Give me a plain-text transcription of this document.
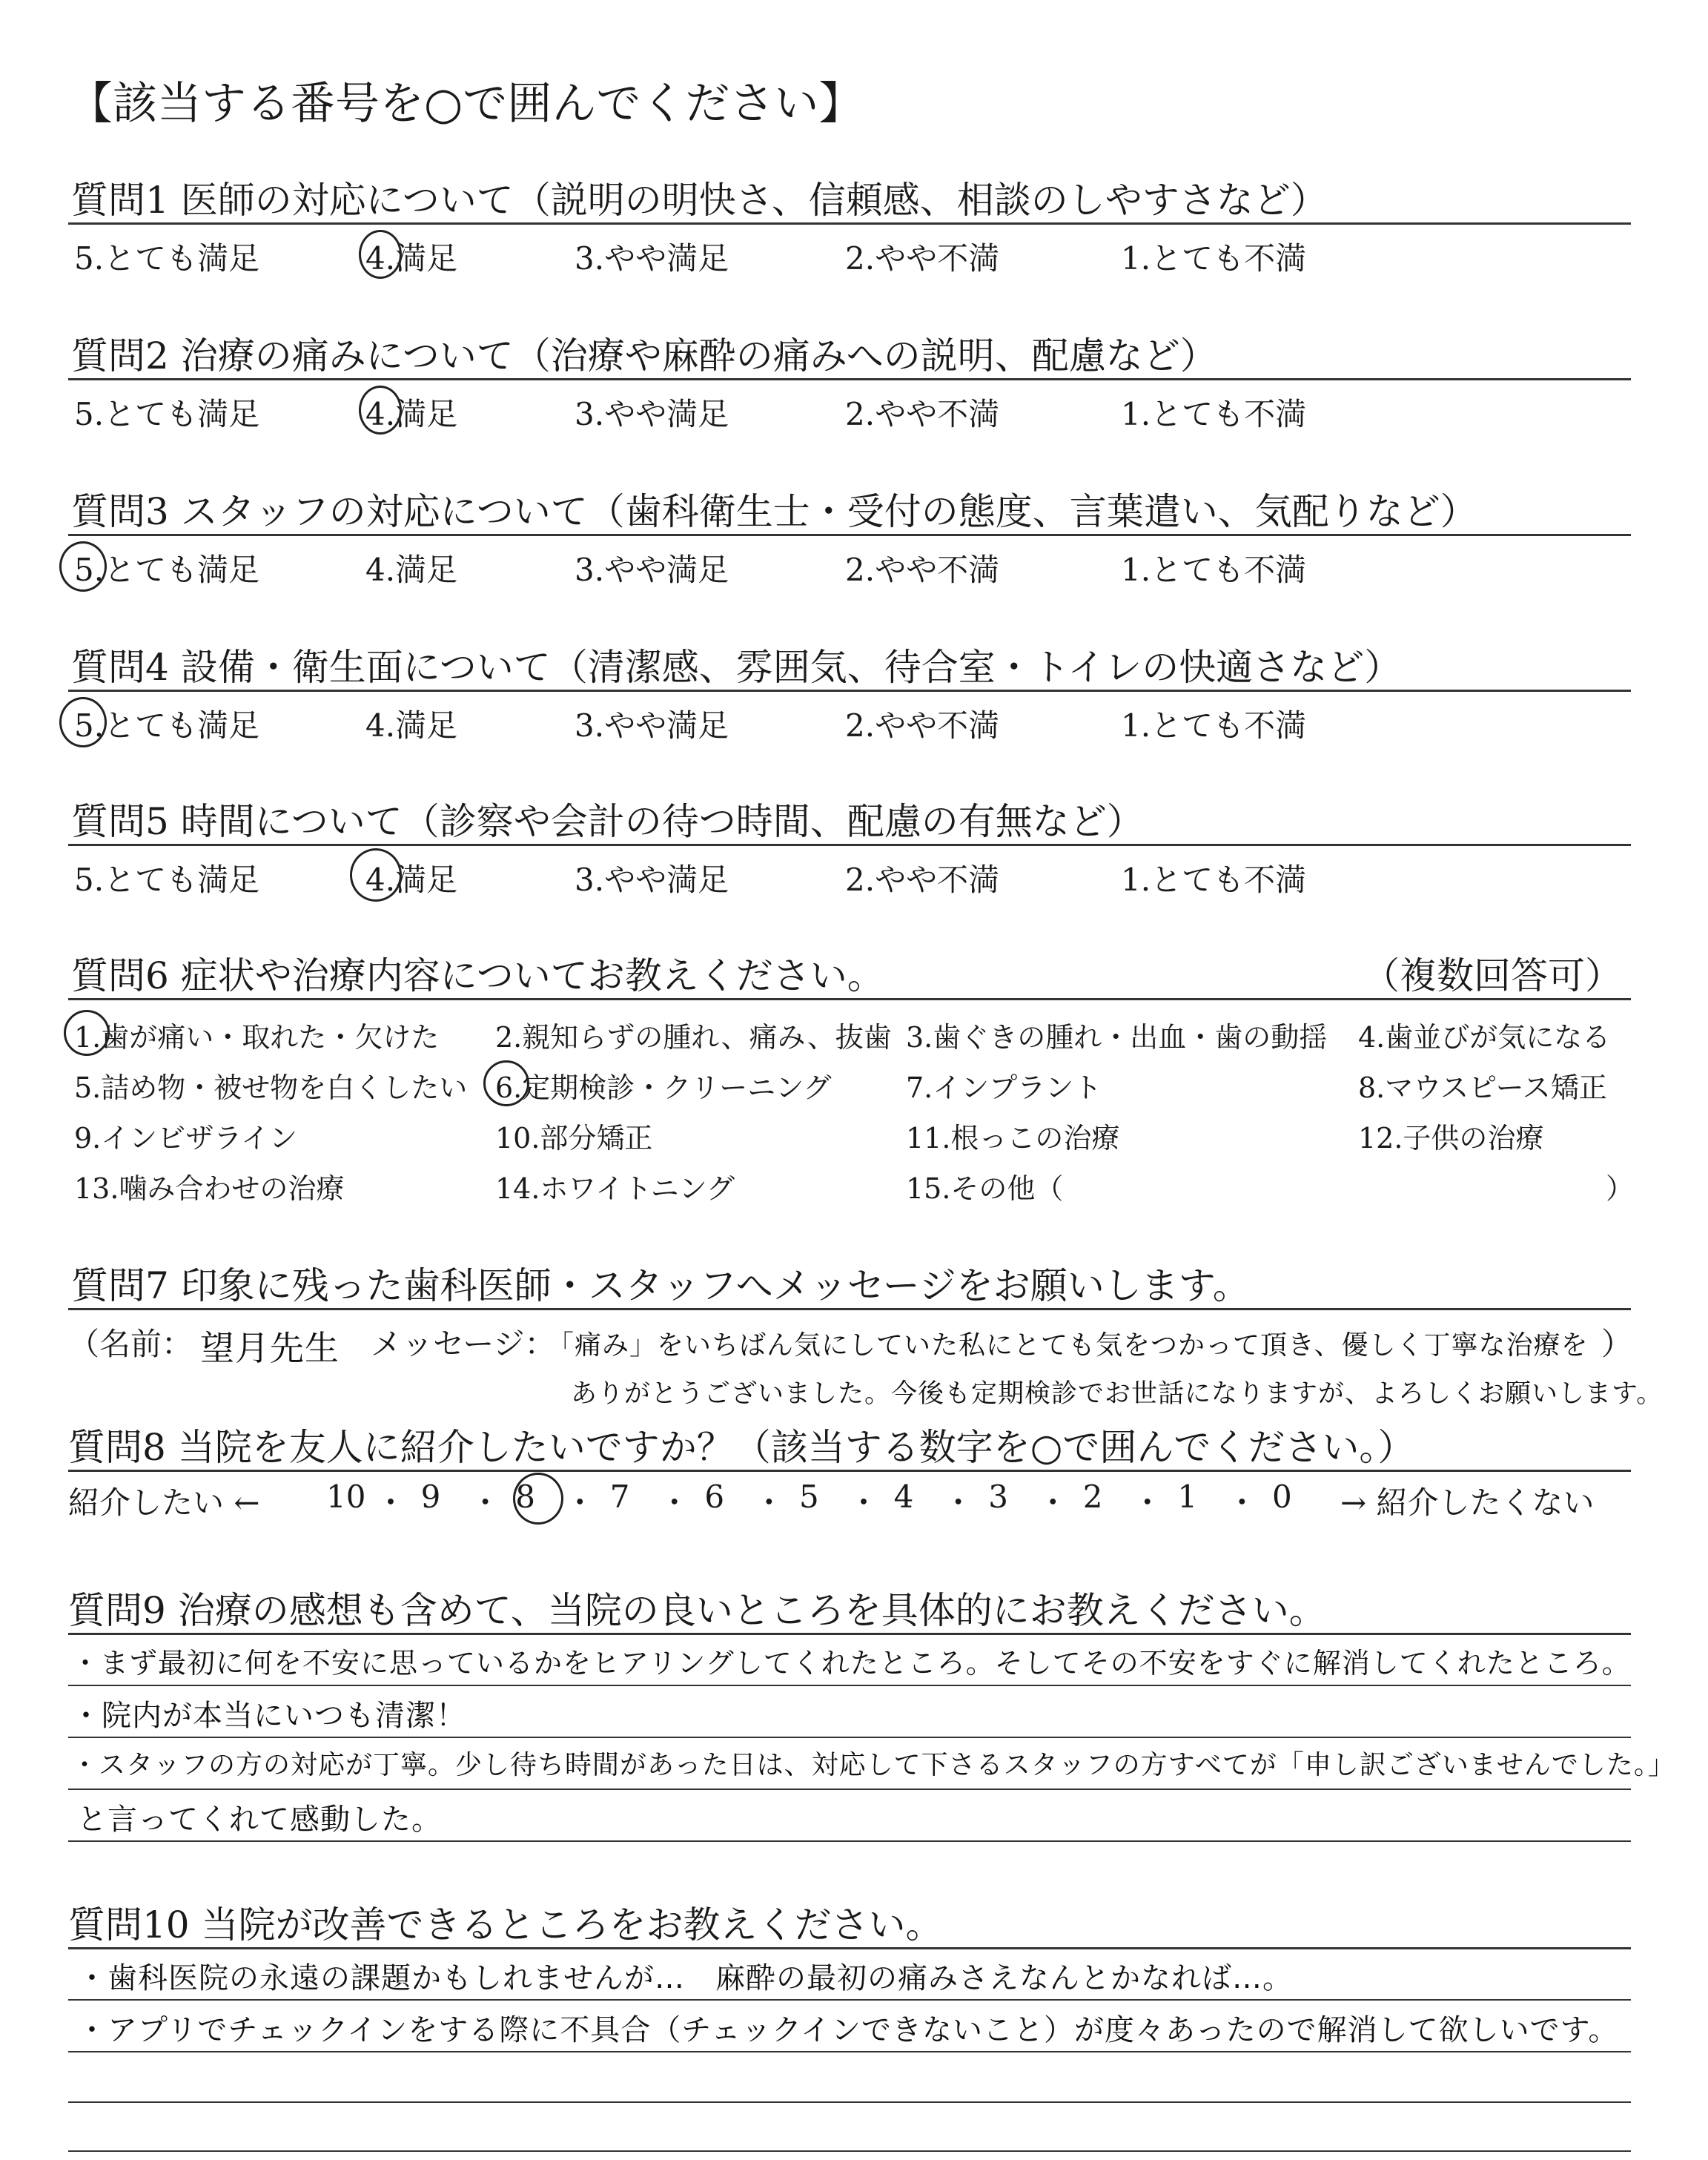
【該当する番号を○で囲んでください】
質問1 医師の対応について（説明の明快さ、信頼感、相談のしやすさなど）
5.とても満足	4.満足	3.やや満足	2.やや不満	1.とても不満
質問2 治療の痛みについて（治療や麻酔の痛みへの説明、配慮など）
5.とても満足	4.満足	3.やや満足	2.やや不満	1.とても不満
質問3 スタッフの対応について（歯科衛生士・受付の態度、言葉遣い、気配りなど）
5.とても満足	4.満足	3.やや満足	2.やや不満	1.とても不満
質問4 設備・衛生面について（清潔感、雰囲気、待合室・トイレの快適さなど）
5.とても満足	4.満足	3.やや満足	2.やや不満	1.とても不満
質問5 時間について（診察や会計の待つ時間、配慮の有無など）
5.とても満足	4.満足	3.やや満足	2.やや不満	1.とても不満
質問6 症状や治療内容についてお教えください。	（複数回答可）
1.歯が痛い・取れた・欠けた 2.親知らずの腫れ、痛み、抜歯 3.歯ぐきの腫れ・出血・歯の動揺 4.歯並びが気になる
5.詰め物・被せ物を白くしたい 6.定期検診・クリーニング	7.インプラント	8.マウスピース矯正
9.インビザライン	10.部分矯正	11.根っこの治療	12.子供の治療
13.噛み合わせの治療	14.ホワイトニング	15.その他（	）
質問7 印象に残った歯科医師・スタッフへメッセージをお願いします。
（名前： 望月先生 メッセージ：
「痛み」をいちばん気にしていた私にとても気をつかって頂き、優しく丁寧な治療を ）
ありがとうございました。今後も定期検診でお世話になりますが、よろしくお願いします。
質問8 当院を友人に紹介したいですか？（該当する数字を○で囲んでください。）
紹介したい ← 10 ・ 9 ・ 8 ・ 7 ・ 6 ・ 5 ・ 4 ・ 3 ・ 2 ・ 1 ・ 0 → 紹介したくない
質問9 治療の感想も含めて、当院の良いところを具体的にお教えください。
・まず最初に何を不安に思っているかをヒアリングしてくれたところ。そしてその不安をすぐに解消してくれたところ。
・院内が本当にいつも清潔！
・スタッフの方の対応が丁寧。少し待ち時間があった日は、対応して下さるスタッフの方すべてが「申し訳ございませんでした。」
と言ってくれて感動した。
質問10 当院が改善できるところをお教えください。
・歯科医院の永遠の課題かもしれませんが…　麻酔の最初の痛みさえなんとかなれば…。
・アプリでチェックインをする際に不具合（チェックインできないこと）が度々あったので解消して欲しいです。
